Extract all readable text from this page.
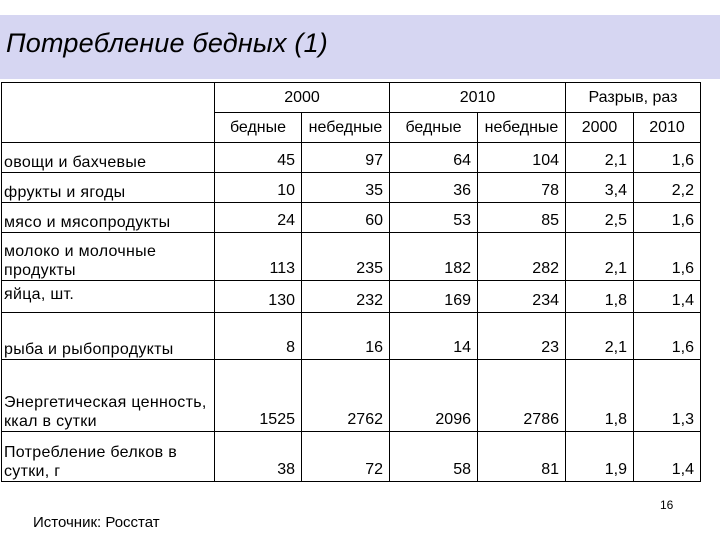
Потребление бедных (1)
	2000		2010		Разрыв, раз	
	бедные	небедные	бедные	небедные	2000	2010
овощи и бахчевые	45	97	64	104	2,1	1,6
фрукты и ягоды	10	35	36	78	3,4	2,2
мясо и мясопродукты	24	60	53	85	2,5	1,6
молоко и молочные продукты	113	235	182	282	2,1	1,6
яйца, шт.	130	232	169	234	1,8	1,4
рыба и рыбопродукты	8	16	14	23	2,1	1,6
Энергетическая ценность, ккал в сутки	1525	2762	2096	2786	1,8	1,3
Потребление белков в сутки, г	38	72	58	81	1,9	1,4
16
Источник: Росстат
